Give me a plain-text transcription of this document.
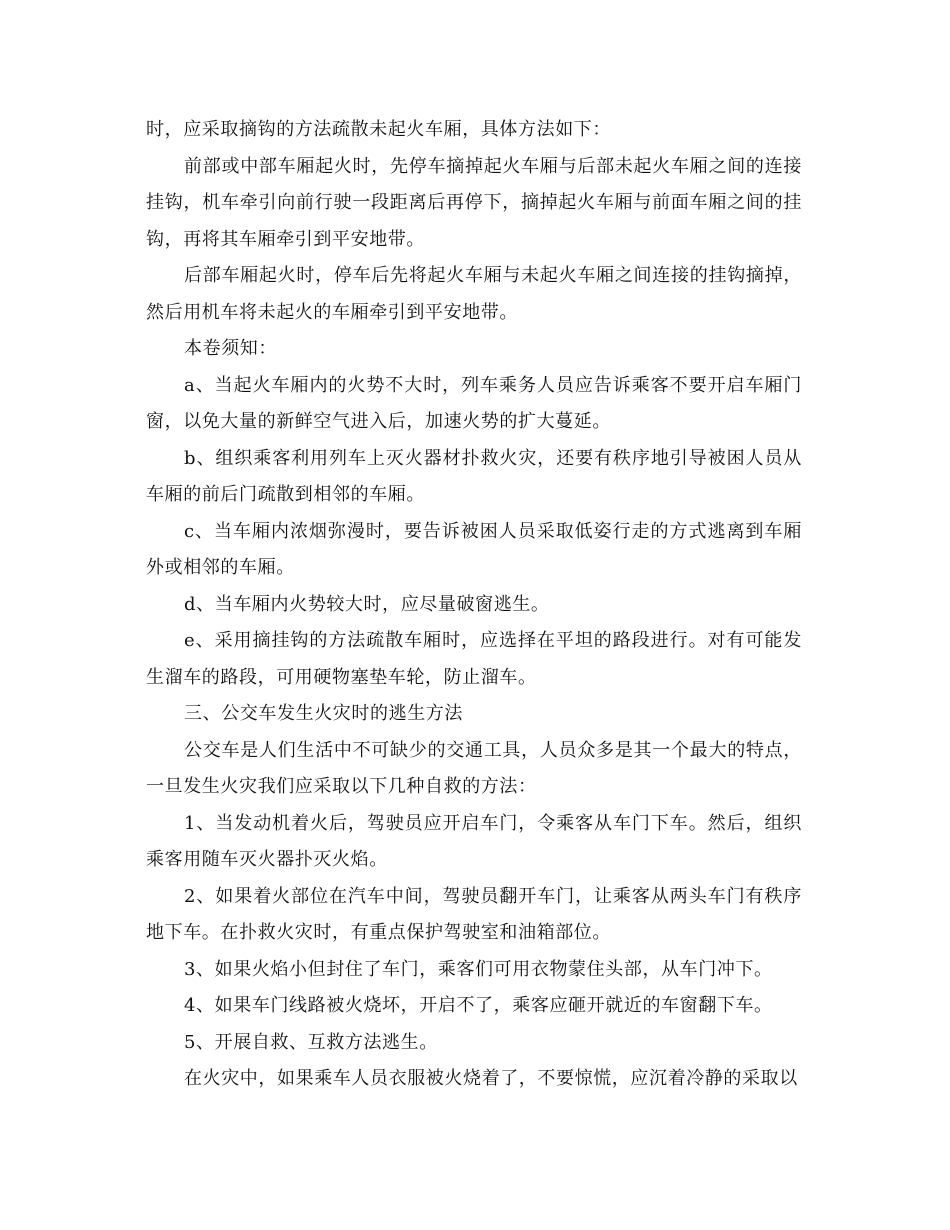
时，应采取摘钩的方法疏散未起火车厢，具体方法如下：

前部或中部车厢起火时，先停车摘掉起火车厢与后部未起火车厢之间的连接挂钩，机车牵引向前行驶一段距离后再停下，摘掉起火车厢与前面车厢之间的挂钩，再将其车厢牵引到平安地带。

后部车厢起火时，停车后先将起火车厢与未起火车厢之间连接的挂钩摘掉，然后用机车将未起火的车厢牵引到平安地带。

本卷须知：

a、当起火车厢内的火势不大时，列车乘务人员应告诉乘客不要开启车厢门窗，以免大量的新鲜空气进入后，加速火势的扩大蔓延。

b、组织乘客利用列车上灭火器材扑救火灾，还要有秩序地引导被困人员从车厢的前后门疏散到相邻的车厢。

c、当车厢内浓烟弥漫时，要告诉被困人员采取低姿行走的方式逃离到车厢外或相邻的车厢。

d、当车厢内火势较大时，应尽量破窗逃生。

e、采用摘挂钩的方法疏散车厢时，应选择在平坦的路段进行。对有可能发生溜车的路段，可用硬物塞垫车轮，防止溜车。

三、公交车发生火灾时的逃生方法

公交车是人们生活中不可缺少的交通工具，人员众多是其一个最大的特点，一旦发生火灾我们应采取以下几种自救的方法：

1、当发动机着火后，驾驶员应开启车门，令乘客从车门下车。然后，组织乘客用随车灭火器扑灭火焰。

2、如果着火部位在汽车中间，驾驶员翻开车门，让乘客从两头车门有秩序地下车。在扑救火灾时，有重点保护驾驶室和油箱部位。

3、如果火焰小但封住了车门，乘客们可用衣物蒙住头部，从车门冲下。

4、如果车门线路被火烧坏，开启不了，乘客应砸开就近的车窗翻下车。

5、开展自救、互救方法逃生。

在火灾中，如果乘车人员衣服被火烧着了，不要惊慌，应沉着冷静的采取以
